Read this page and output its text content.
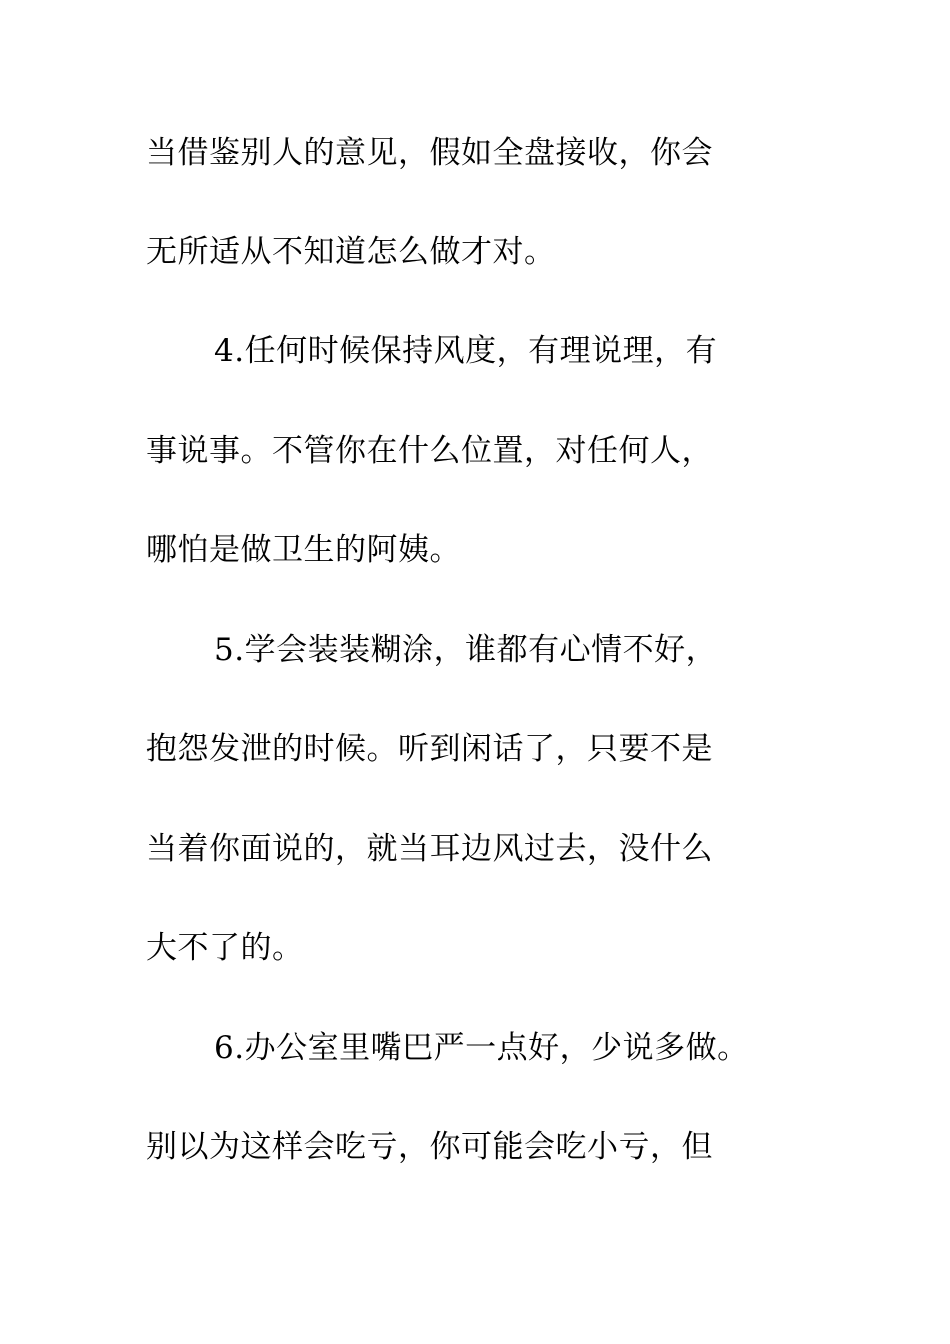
当借鉴别人的意见，假如全盘接收，你会
无所适从不知道怎么做才对。
4.任何时候保持风度，有理说理，有
事说事。不管你在什么位置，对任何人，
哪怕是做卫生的阿姨。
5.学会装装糊涂，谁都有心情不好，
抱怨发泄的时候。听到闲话了，只要不是
当着你面说的，就当耳边风过去，没什么
大不了的。
6.办公室里嘴巴严一点好，少说多做。
别以为这样会吃亏，你可能会吃小亏，但
